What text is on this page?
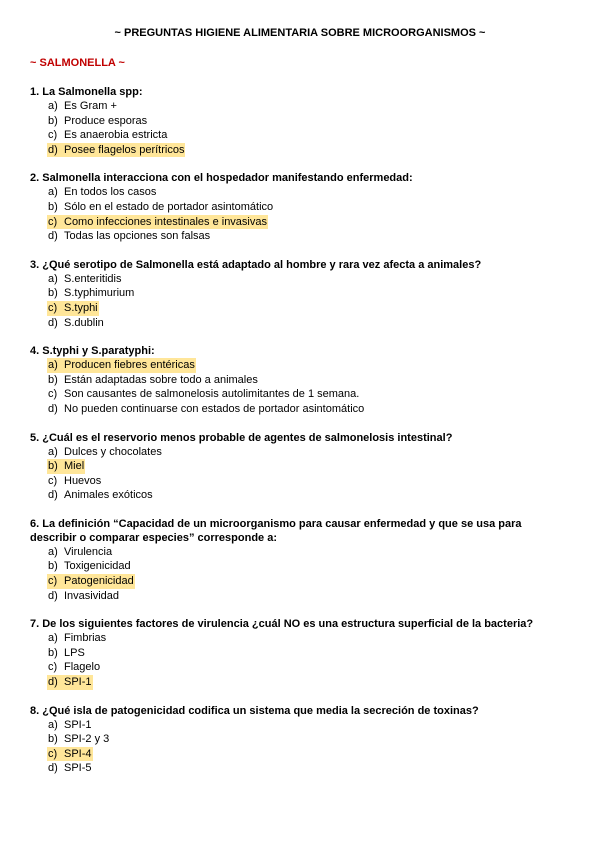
~ PREGUNTAS HIGIENE ALIMENTARIA SOBRE MICROORGANISMOS ~
~ SALMONELLA ~
1. La Salmonella spp:
a) Es Gram +
b) Produce esporas
c) Es anaerobia estricta
d) Posee flagelos perítricos
2. Salmonella interacciona con el hospedador manifestando enfermedad:
a) En todos los casos
b) Sólo en el estado de portador asintomático
c) Como infecciones intestinales e invasivas
d) Todas las opciones son falsas
3. ¿Qué serotipo de Salmonella está adaptado al hombre y rara vez afecta a animales?
a) S.enteritidis
b) S.typhimurium
c) S.typhi
d) S.dublin
4. S.typhi y S.paratyphi:
a) Producen fiebres entéricas
b) Están adaptadas sobre todo a animales
c) Son causantes de salmonelosis autolimitantes de 1 semana.
d) No pueden continuarse con estados de portador asintomático
5. ¿Cuál es el reservorio menos probable de agentes de salmonelosis intestinal?
a) Dulces y chocolates
b) Miel
c) Huevos
d) Animales exóticos
6. La definición “Capacidad de un microorganismo para causar enfermedad y que se usa para describir o comparar especies” corresponde a:
a) Virulencia
b) Toxigenicidad
c) Patogenicidad
d) Invasividad
7. De los siguientes factores de virulencia ¿cuál NO es una estructura superficial de la bacteria?
a) Fimbrias
b) LPS
c) Flagelo
d) SPI-1
8. ¿Qué isla de patogenicidad codifica un sistema que media la secreción de toxinas?
a) SPI-1
b) SPI-2 y 3
c) SPI-4
d) SPI-5
